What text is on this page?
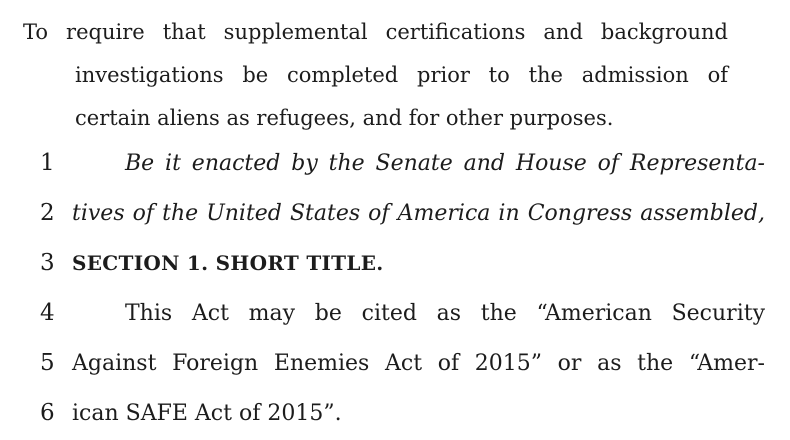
To require that supplemental certifications and background
investigations be completed prior to the admission of
certain aliens as refugees, and for other purposes.
1	Be it enacted by the Senate and House of Representa-
2 tives of the United States of America in Congress assembled,
3 SECTION 1. SHORT TITLE.
4	This Act may be cited as the “American Security
5 Against Foreign Enemies Act of 2015” or as the “Amer-
6 ican SAFE Act of 2015”.
